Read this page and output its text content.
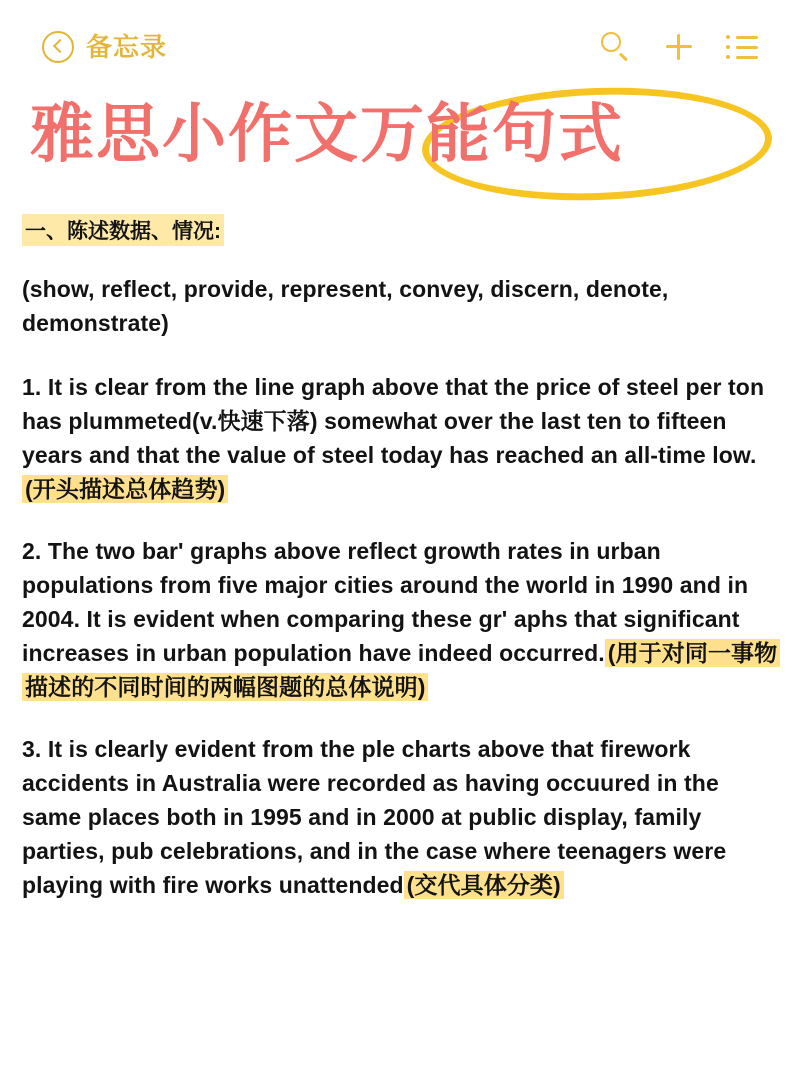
备忘录
雅思小作文万能句式
一、陈述数据、情况:

(show, reflect, provide, represent, convey, discern, denote, demonstrate)

1. It is clear from the line graph above that the price of steel per ton has plummeted(v.快速下落) somewhat over the last ten to fifteen years and that the value of steel today has reached an all-time low. (开头描述总体趋势)

2. The two bar' graphs above reflect growth rates in urban populations from five major cities around the world in 1990 and in 2004. It is evident when comparing these gr' aphs that significant increases in urban population have indeed occurred. (用于对同一事物描述的不同时间的两幅图题的总体说明)

3. It is clearly evident from the ple charts above that firework accidents in Australia were recorded as having occuured in the same places both in 1995 and in 2000 at public display, family parties, pub celebrations, and in the case where teenagers were playing with fire works unattended (交代具体分类)
